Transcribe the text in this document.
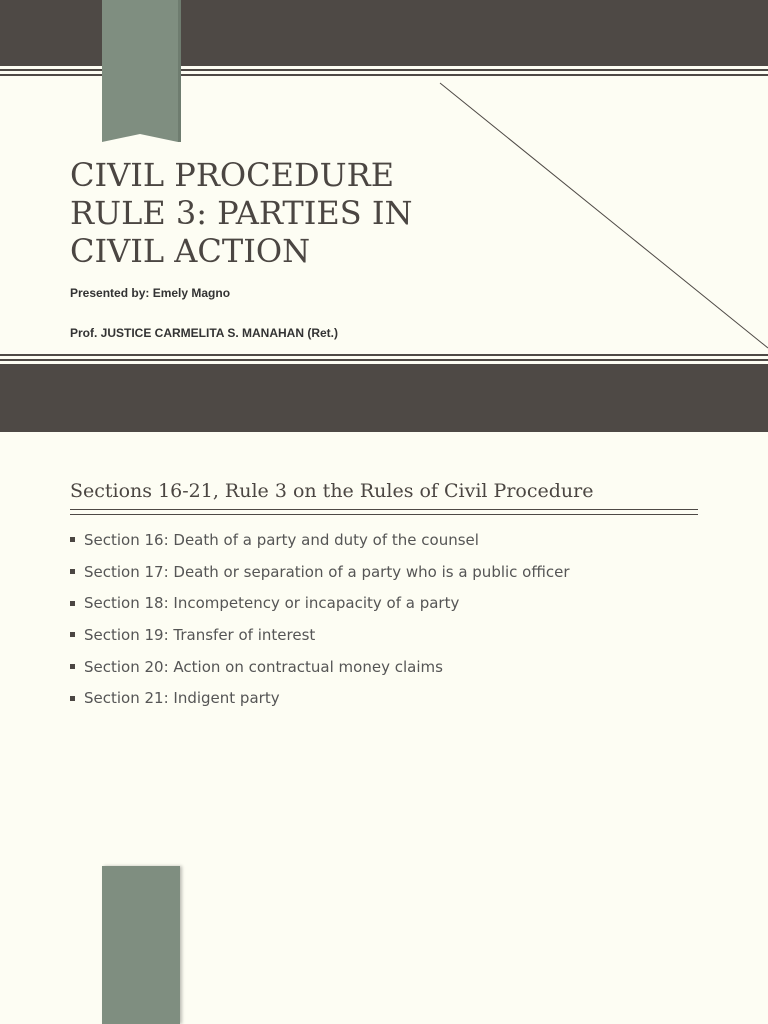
CIVIL PROCEDURE
RULE 3: PARTIES IN
CIVIL ACTION

Presented by: Emely Magno

Prof. JUSTICE CARMELITA S. MANAHAN (Ret.)

Sections 16-21, Rule 3 on the Rules of Civil Procedure
Section 16: Death of a party and duty of the counsel
Section 17: Death or separation of a party who is a public officer
Section 18: Incompetency or incapacity of a party
Section 19: Transfer of interest
Section 20: Action on contractual money claims
Section 21: Indigent party
